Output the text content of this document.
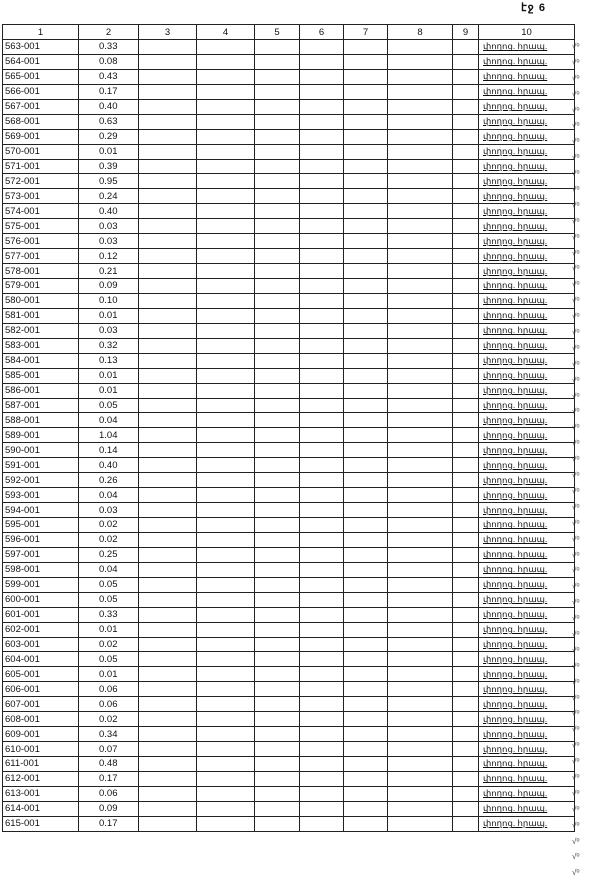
էջ 6
1	2	3	4	5	6	7	8	9	10
563-001	0.33								փողոց. հրապ.
564-001	0.08								փողոց. հրապ.
565-001	0.43								փողոց. հրապ.
566-001	0.17								փողոց. հրապ.
567-001	0.40								փողոց. հրապ.
568-001	0.63								փողոց. հրապ.
569-001	0.29								փողոց. հրապ.
570-001	0.01								փողոց. հրապ.
571-001	0.39								փողոց. հրապ.
572-001	0.95								փողոց. հրապ.
573-001	0.24								փողոց. հրապ.
574-001	0.40								փողոց. հրապ.
575-001	0.03								փողոց. հրապ.
576-001	0.03								փողոց. հրապ.
577-001	0.12								փողոց. հրապ.
578-001	0.21								փողոց. հրապ.
579-001	0.09								փողոց. հրապ.
580-001	0.10								փողոց. հրապ.
581-001	0.01								փողոց. հրապ.
582-001	0.03								փողոց. հրապ.
583-001	0.32								փողոց. հրապ.
584-001	0.13								փողոց. հրապ.
585-001	0.01								փողոց. հրապ.
586-001	0.01								փողոց. հրապ.
587-001	0.05								փողոց. հրապ.
588-001	0.04								փողոց. հրապ.
589-001	1.04								փողոց. հրապ.
590-001	0.14								փողոց. հրապ.
591-001	0.40								փողոց. հրապ.
592-001	0.26								փողոց. հրապ.
593-001	0.04								փողոց. հրապ.
594-001	0.03								փողոց. հրապ.
595-001	0.02								փողոց. հրապ.
596-001	0.02								փողոց. հրապ.
597-001	0.25								փողոց. հրապ.
598-001	0.04								փողոց. հրապ.
599-001	0.05								փողոց. հրապ.
600-001	0.05								փողոց. հրապ.
601-001	0.33								փողոց. հրապ.
602-001	0.01								փողոց. հրապ.
603-001	0.02								փողոց. հրապ.
604-001	0.05								փողոց. հրապ.
605-001	0.01								փողոց. հրապ.
606-001	0.06								փողոց. հրապ.
607-001	0.06								փողոց. հրապ.
608-001	0.02								փողոց. հրապ.
609-001	0.34								փողոց. հրապ.
610-001	0.07								փողոց. հրապ.
611-001	0.48								փողոց. հրապ.
612-001	0.17								փողոց. հրապ.
613-001	0.06								փողոց. հրապ.
614-001	0.09								փողոց. հրապ.
615-001	0.17								փողոց. հրապ.
√⁰
√⁰
√⁰
√⁰
√⁰
√⁰
√⁰
√⁰
√⁰
√⁰
√⁰
√⁰
√⁰
√⁰
√⁰
√⁰
√⁰
√⁰
√⁰
√⁰
√⁰
√⁰
√⁰
√⁰
√⁰
√⁰
√⁰
√⁰
√⁰
√⁰
√⁰
√⁰
√⁰
√⁰
√⁰
√⁰
√⁰
√⁰
√⁰
√⁰
√⁰
√⁰
√⁰
√⁰
√⁰
√⁰
√⁰
√⁰
√⁰
√⁰
√⁰
√⁰
√⁰
